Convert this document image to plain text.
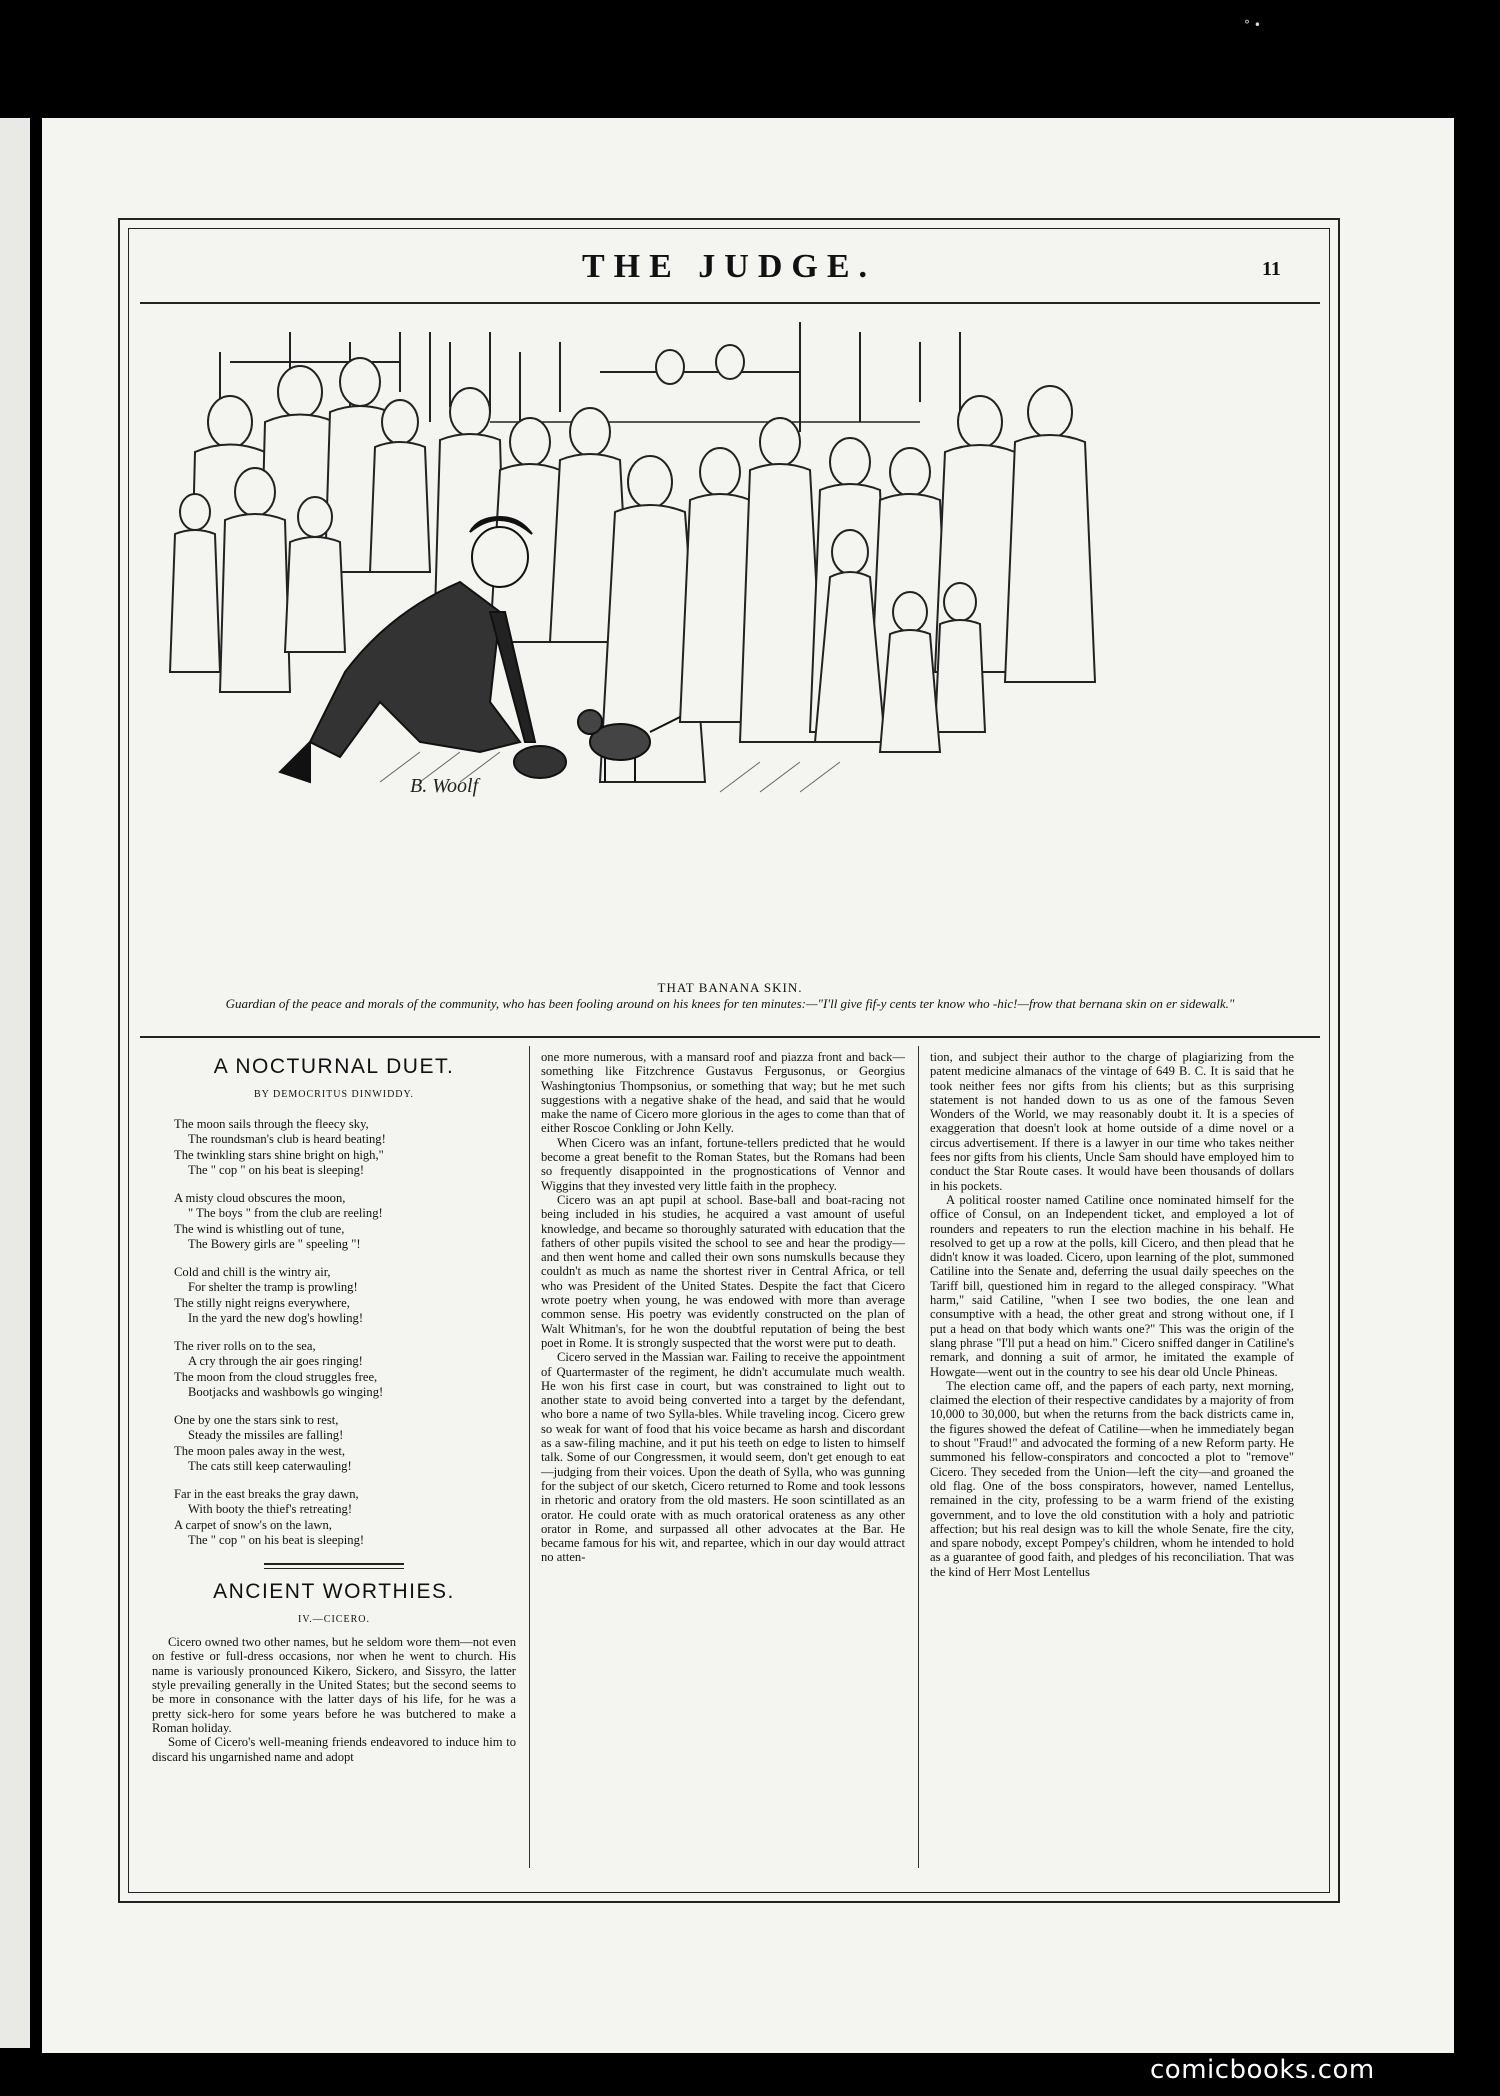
° •
THE JUDGE.	11
B. Woolf
THAT BANANA SKIN.
Guardian of the peace and morals of the community, who has been fooling around on his knees for ten minutes:—"I'll give fif-y cents ter know who -hic!—frow that bernana skin on er sidewalk."
A NOCTURNAL DUET.
BY DEMOCRITUS DINWIDDY.
The moon sails through the fleecy sky,
The roundsman's club is heard beating!
The twinkling stars shine bright on high,"
The " cop " on his beat is sleeping!
A misty cloud obscures the moon,
" The boys " from the club are reeling!
The wind is whistling out of tune,
The Bowery girls are " speeling "!
Cold and chill is the wintry air,
For shelter the tramp is prowling!
The stilly night reigns everywhere,
In the yard the new dog's howling!
The river rolls on to the sea,
A cry through the air goes ringing!
The moon from the cloud struggles free,
Bootjacks and washbowls go winging!
One by one the stars sink to rest,
Steady the missiles are falling!
The moon pales away in the west,
The cats still keep caterwauling!
Far in the east breaks the gray dawn,
With booty the thief's retreating!
A carpet of snow's on the lawn,
The " cop " on his beat is sleeping!
ANCIENT WORTHIES.
IV.—CICERO.

Cicero owned two other names, but he seldom wore them—not even on festive or full-dress occasions, nor when he went to church. His name is variously pronounced Kikero, Sickero, and Sissyro, the latter style prevailing generally in the United States; but the second seems to be more in consonance with the latter days of his life, for he was a pretty sick-hero for some years before he was butchered to make a Roman holiday.

Some of Cicero's well-meaning friends endeavored to induce him to discard his ungarnished name and adopt

one more numerous, with a mansard roof and piazza front and back—something like Fitzchrence Gustavus Fergusonus, or Georgius Washingtonius Thompsonius, or something that way; but he met such suggestions with a negative shake of the head, and said that he would make the name of Cicero more glorious in the ages to come than that of either Roscoe Conkling or John Kelly.

When Cicero was an infant, fortune-tellers predicted that he would become a great benefit to the Roman States, but the Romans had been so frequently disappointed in the prognostications of Vennor and Wiggins that they invested very little faith in the prophecy.

Cicero was an apt pupil at school. Base-ball and boat-racing not being included in his studies, he acquired a vast amount of useful knowledge, and became so thoroughly saturated with education that the fathers of other pupils visited the school to see and hear the prodigy—and then went home and called their own sons numskulls because they couldn't as much as name the shortest river in Central Africa, or tell who was President of the United States. Despite the fact that Cicero wrote poetry when young, he was endowed with more than average common sense. His poetry was evidently constructed on the plan of Walt Whitman's, for he won the doubtful reputation of being the best poet in Rome. It is strongly suspected that the worst were put to death.

Cicero served in the Massian war. Failing to receive the appointment of Quartermaster of the regiment, he didn't accumulate much wealth. He won his first case in court, but was constrained to light out to another state to avoid being converted into a target by the defendant, who bore a name of two Sylla-bles. While traveling incog. Cicero grew so weak for want of food that his voice became as harsh and discordant as a saw-filing machine, and it put his teeth on edge to listen to himself talk. Some of our Congressmen, it would seem, don't get enough to eat—judging from their voices. Upon the death of Sylla, who was gunning for the subject of our sketch, Cicero returned to Rome and took lessons in rhetoric and oratory from the old masters. He soon scintillated as an orator. He could orate with as much oratorical orateness as any other orator in Rome, and surpassed all other advocates at the Bar. He became famous for his wit, and repartee, which in our day would attract no atten-

tion, and subject their author to the charge of plagiarizing from the patent medicine almanacs of the vintage of 649 B. C. It is said that he took neither fees nor gifts from his clients; but as this surprising statement is not handed down to us as one of the famous Seven Wonders of the World, we may reasonably doubt it. It is a species of exaggeration that doesn't look at home outside of a dime novel or a circus advertisement. If there is a lawyer in our time who takes neither fees nor gifts from his clients, Uncle Sam should have employed him to conduct the Star Route cases. It would have been thousands of dollars in his pockets.

A political rooster named Catiline once nominated himself for the office of Consul, on an Independent ticket, and employed a lot of rounders and repeaters to run the election machine in his behalf. He resolved to get up a row at the polls, kill Cicero, and then plead that he didn't know it was loaded. Cicero, upon learning of the plot, summoned Catiline into the Senate and, deferring the usual daily speeches on the Tariff bill, questioned him in regard to the alleged conspiracy. "What harm," said Catiline, "when I see two bodies, the one lean and consumptive with a head, the other great and strong without one, if I put a head on that body which wants one?" This was the origin of the slang phrase "I'll put a head on him." Cicero sniffed danger in Catiline's remark, and donning a suit of armor, he imitated the example of Howgate—went out in the country to see his dear old Uncle Phineas.

The election came off, and the papers of each party, next morning, claimed the election of their respective candidates by a majority of from 10,000 to 30,000, but when the returns from the back districts came in, the figures showed the defeat of Catiline—when he immediately began to shout "Fraud!" and advocated the forming of a new Reform party. He summoned his fellow-conspirators and concocted a plot to "remove" Cicero. They seceded from the Union—left the city—and groaned the old flag. One of the boss conspirators, however, named Lentellus, remained in the city, professing to be a warm friend of the existing government, and to love the old constitution with a holy and patriotic affection; but his real design was to kill the whole Senate, fire the city, and spare nobody, except Pompey's children, whom he intended to hold as a guarantee of good faith, and pledges of his reconciliation. That was the kind of Herr Most Lentellus

comicbooks.com
